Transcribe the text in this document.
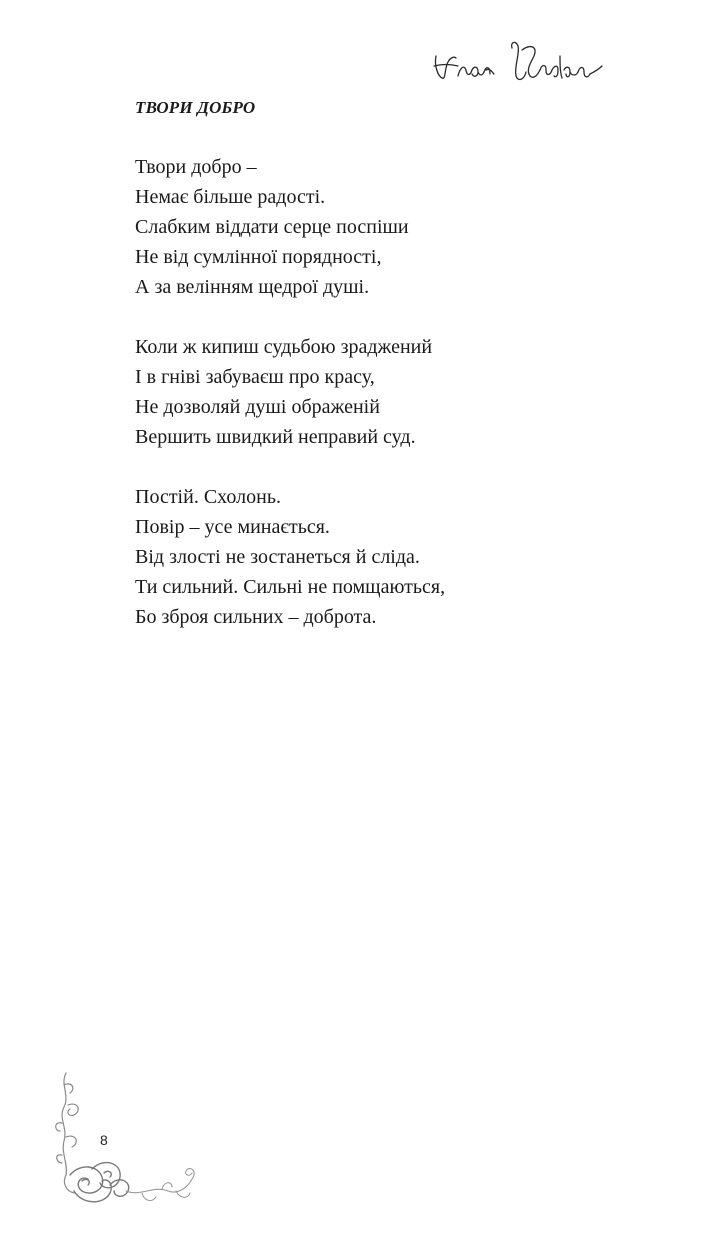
ТВОРИ ДОБРО

Твори добро –
Немає більше радості.
Слабким віддати серце поспіши
Не від сумлінної порядності,
А за велінням щедрої душі.

Коли ж кипиш судьбою зраджений
І в гніві забуваєш про красу,
Не дозволяй душі ображеній
Вершить швидкий неправий суд.

Постій. Схолонь.
Повір – усе минається.
Від злості не зостанеться й сліда.
Ти сильний. Сильні не помщаються,
Бо зброя сильних – доброта.

8
